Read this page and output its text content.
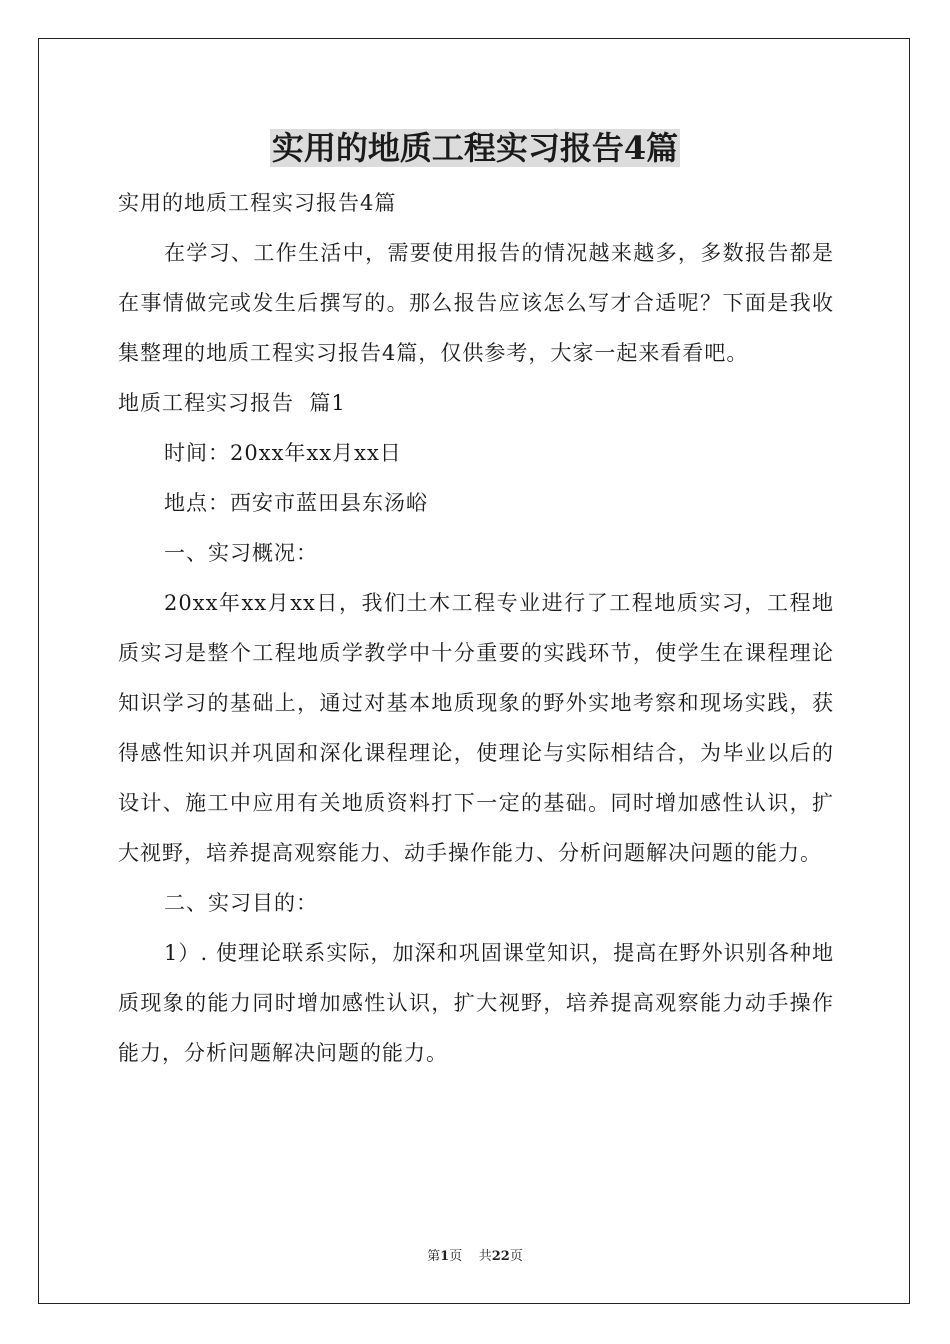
实用的地质工程实习报告4篇

实用的地质工程实习报告4篇

在学习、工作生活中，需要使用报告的情况越来越多，多数报告都是在事情做完或发生后撰写的。那么报告应该怎么写才合适呢？下面是我收集整理的地质工程实习报告4篇，仅供参考，大家一起来看看吧。

地质工程实习报告  篇1

时间：20xx年xx月xx日

地点：西安市蓝田县东汤峪

一、实习概况：

20xx年xx月xx日，我们土木工程专业进行了工程地质实习，工程地质实习是整个工程地质学教学中十分重要的实践环节，使学生在课程理论知识学习的基础上，通过对基本地质现象的野外实地考察和现场实践，获得感性知识并巩固和深化课程理论，使理论与实际相结合，为毕业以后的设计、施工中应用有关地质资料打下一定的基础。同时增加感性认识，扩大视野，培养提高观察能力、动手操作能力、分析问题解决问题的能力。

二、实习目的：

1）. 使理论联系实际，加深和巩固课堂知识，提高在野外识别各种地质现象的能力同时增加感性认识，扩大视野，培养提高观察能力动手操作能力，分析问题解决问题的能力。

第1页    共22页
